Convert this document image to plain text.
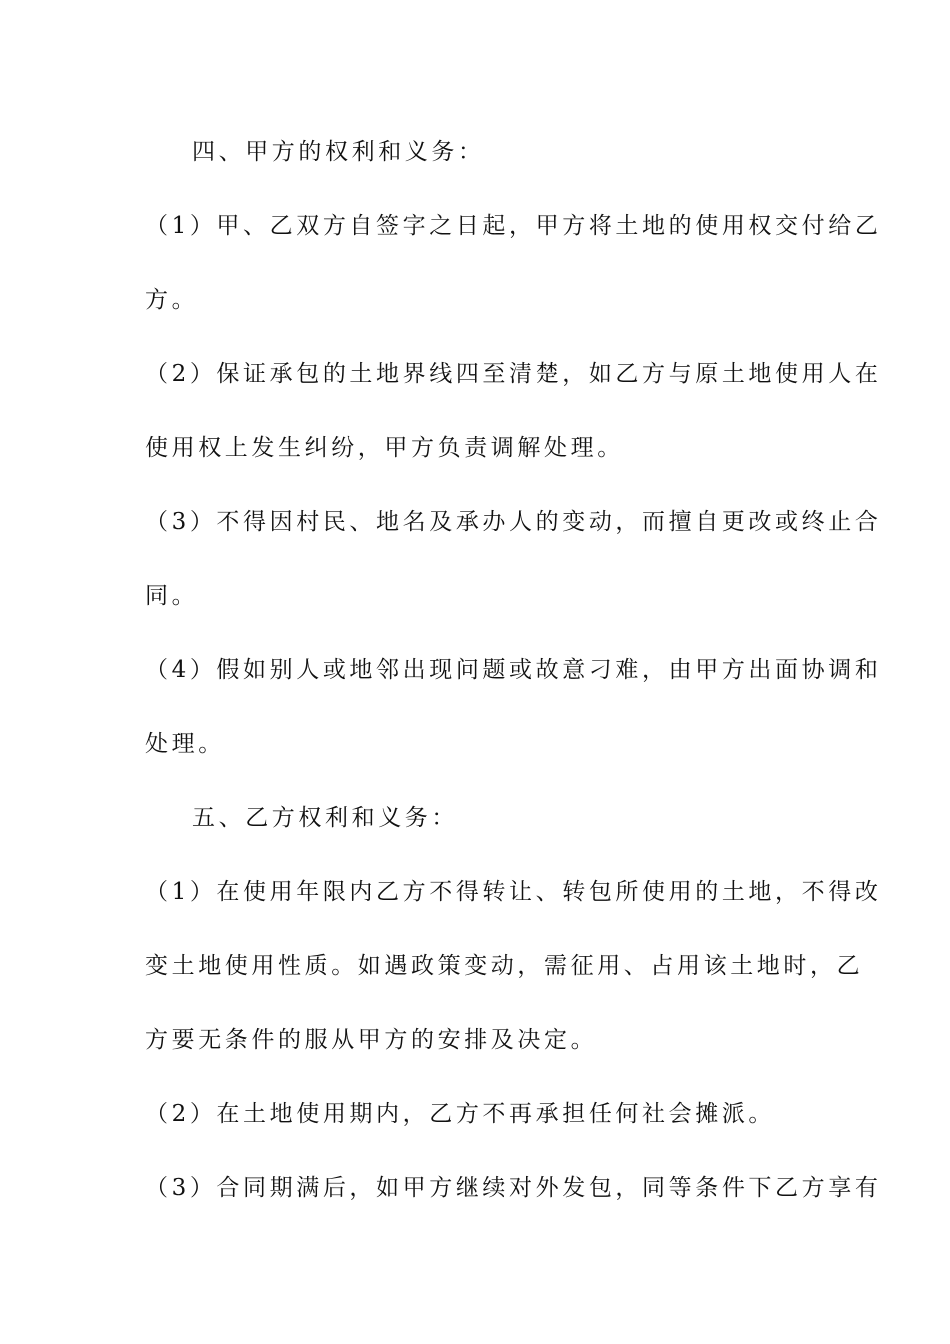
四、甲方的权利和义务：
（1）甲、乙双方自签字之日起，甲方将土地的使用权交付给乙
方。
（2）保证承包的土地界线四至清楚，如乙方与原土地使用人在
使用权上发生纠纷，甲方负责调解处理。
（3）不得因村民、地名及承办人的变动，而擅自更改或终止合
同。
（4）假如别人或地邻出现问题或故意刁难，由甲方出面协调和
处理。
五、乙方权利和义务：
（1）在使用年限内乙方不得转让、转包所使用的土地，不得改
变土地使用性质。如遇政策变动，需征用、占用该土地时，乙
方要无条件的服从甲方的安排及决定。
（2）在土地使用期内，乙方不再承担任何社会摊派。
（3）合同期满后，如甲方继续对外发包，同等条件下乙方享有
